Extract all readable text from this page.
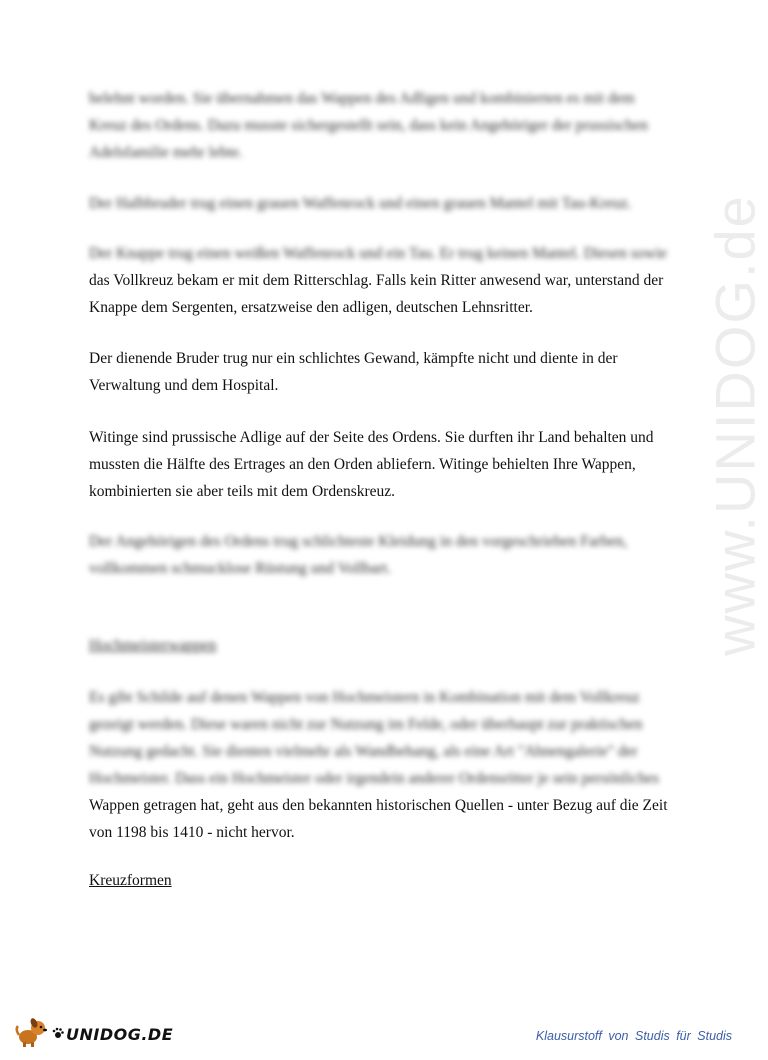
www.UNIDOG.de

belehnt worden. Sie übernahmen das Wappen des Adligen und kombinierten es mit dem
Kreuz des Ordens. Dazu musste sichergestellt sein, dass kein Angehöriger der prussischen
Adelsfamilie mehr lebte.

Der Halbbruder trug einen grauen Waffenrock und einen grauen Mantel mit Tau-Kreuz.

Der Knappe trug einen weißen Waffenrock und ein Tau. Er trug keinen Mantel. Diesen sowie
das Vollkreuz bekam er mit dem Ritterschlag. Falls kein Ritter anwesend war, unterstand der
Knappe dem Sergenten, ersatzweise den adligen, deutschen Lehnsritter.

Der dienende Bruder trug nur ein schlichtes Gewand, kämpfte nicht und diente in der
Verwaltung und dem Hospital.

Witinge sind prussische Adlige auf der Seite des Ordens. Sie durften ihr Land behalten und
mussten die Hälfte des Ertrages an den Orden abliefern. Witinge behielten Ihre Wappen,
kombinierten sie aber teils mit dem Ordenskreuz.

Der Angehörigen des Ordens trug schlichteste Kleidung in den vorgeschrieben Farben,
vollkommen schmucklose Rüstung und Vollbart.

Hochmeisterwappen

Es gibt Schilde auf denen Wappen von Hochmeistern in Kombination mit dem Vollkreuz
gezeigt werden. Diese waren nicht zur Nutzung im Felde, oder überhaupt zur praktischen
Nutzung gedacht. Sie dienten vielmehr als Wandbehang, als eine Art "Ahnengalerie" der
Hochmeister. Dass ein Hochmeister oder irgendein anderer Ordensritter je sein persönliches
Wappen getragen hat, geht aus den bekannten historischen Quellen - unter Bezug auf die Zeit
von 1198 bis 1410 - nicht hervor.

Kreuzformen

UNIDOG.DE	Klausurstoff von Studis für Studis
